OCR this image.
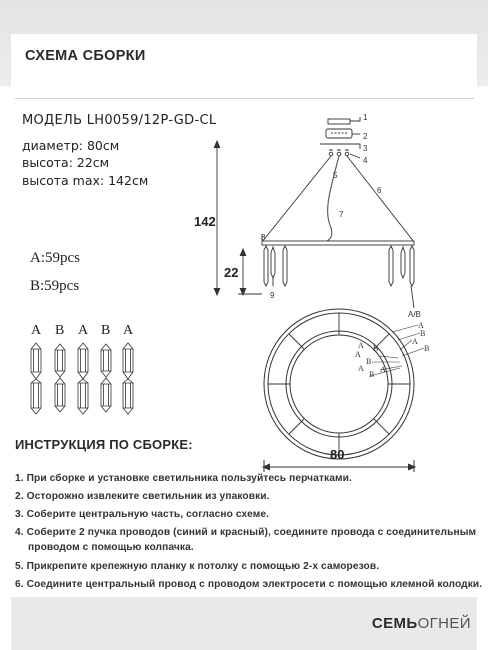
СХЕМА СБОРКИ
МОДЕЛЬ LH0059/12P-GD-CL
диаметр: 80см
высота: 22см
высота max: 142см
A:59pcs
B:59pcs
A B A B A
1
2
3
4
5
6
7
8
9
A/B
142
22
A
B
A
B
A B
A
B
A
B
A
80
ИНСТРУКЦИЯ ПО СБОРКЕ:
1. При сборке и установке светильника пользуйтесь перчатками.
2. Осторожно извлеките светильник из упаковки.
3. Соберите центральную часть, согласно схеме.
4. Соберите 2 пучка проводов (синий и красный), соедините провода с соединительным
проводом с помощью колпачка.
5. Прикрепите крепежную планку к потолку с помощью 2-х саморезов.
6. Соедините центральный провод с проводом электросети с помощью клемной колодки.
СЕМЬОГНЕЙ
